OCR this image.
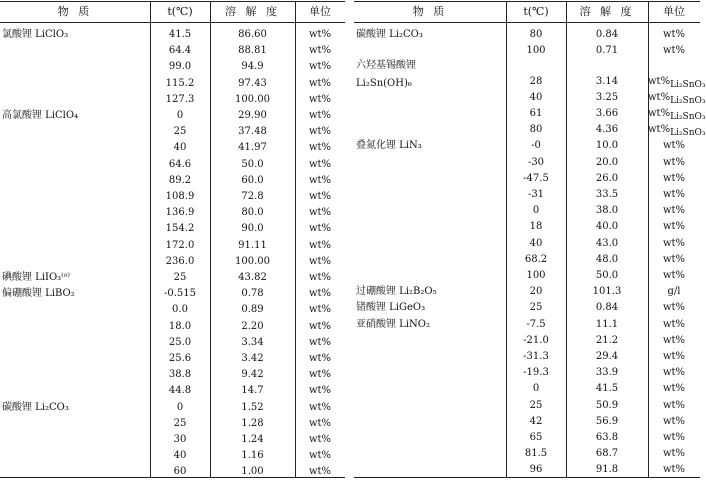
物 质	t(℃)	溶 解 度	单位
氯酸锂 LiClO₃	41.5	86.60	wt%
64.4	88.81	wt%
99.0	94.9	wt%
115.2	97.43	wt%
127.3	100.00	wt%
高氯酸锂 LiClO₄	0	29.90	wt%
25	37.48	wt%
40	41.97	wt%
64.6	50.0	wt%
89.2	60.0	wt%
108.9	72.8	wt%
136.9	80.0	wt%
154.2	90.0	wt%
172.0	91.11	wt%
236.0	100.00	wt%
碘酸锂 LiIO₃⁽ᵃ⁾	25	43.82	wt%
偏硼酸锂 LiBO₂	-0.515	0.78	wt%
0.0	0.89	wt%
18.0	2.20	wt%
25.0	3.34	wt%
25.6	3.42	wt%
38.8	9.42	wt%
44.8	14.7	wt%
碳酸锂 Li₂CO₃	0	1.52	wt%
25	1.28	wt%
30	1.24	wt%
40	1.16	wt%
60	1.00	wt%
物 质	t(℃)	溶 解 度	单位
碳酸锂 Li₂CO₃	80	0.84	wt%
100	0.71	wt%
六羟基锡酸锂
Li₂Sn(OH)₆	28	3.14	$wt\%_{Li_2SnO_3}$
40	3.25	$wt\%_{Li_2SnO_3}$
61	3.66	$wt\%_{Li_2SnO_3}$
80	4.36	$wt\%_{Li_2SnO_3}$
叠氮化锂 LiN₃	-0	10.0	wt%
-30	20.0	wt%
-47.5	26.0	wt%
-31	33.5	wt%
0	38.0	wt%
18	40.0	wt%
40	43.0	wt%
68.2	48.0	wt%
100	50.0	wt%
过硼酸锂 Li₂B₂O₅	20	101.3	g/l
锗酸锂 LiGeO₃	25	0.84	wt%
亚硝酸锂 LiNO₂	-7.5	11.1	wt%
-21.0	21.2	wt%
-31.3	29.4	wt%
-19.3	33.9	wt%
0	41.5	wt%
25	50.9	wt%
42	56.9	wt%
65	63.8	wt%
81.5	68.7	wt%
96	91.8	wt%
